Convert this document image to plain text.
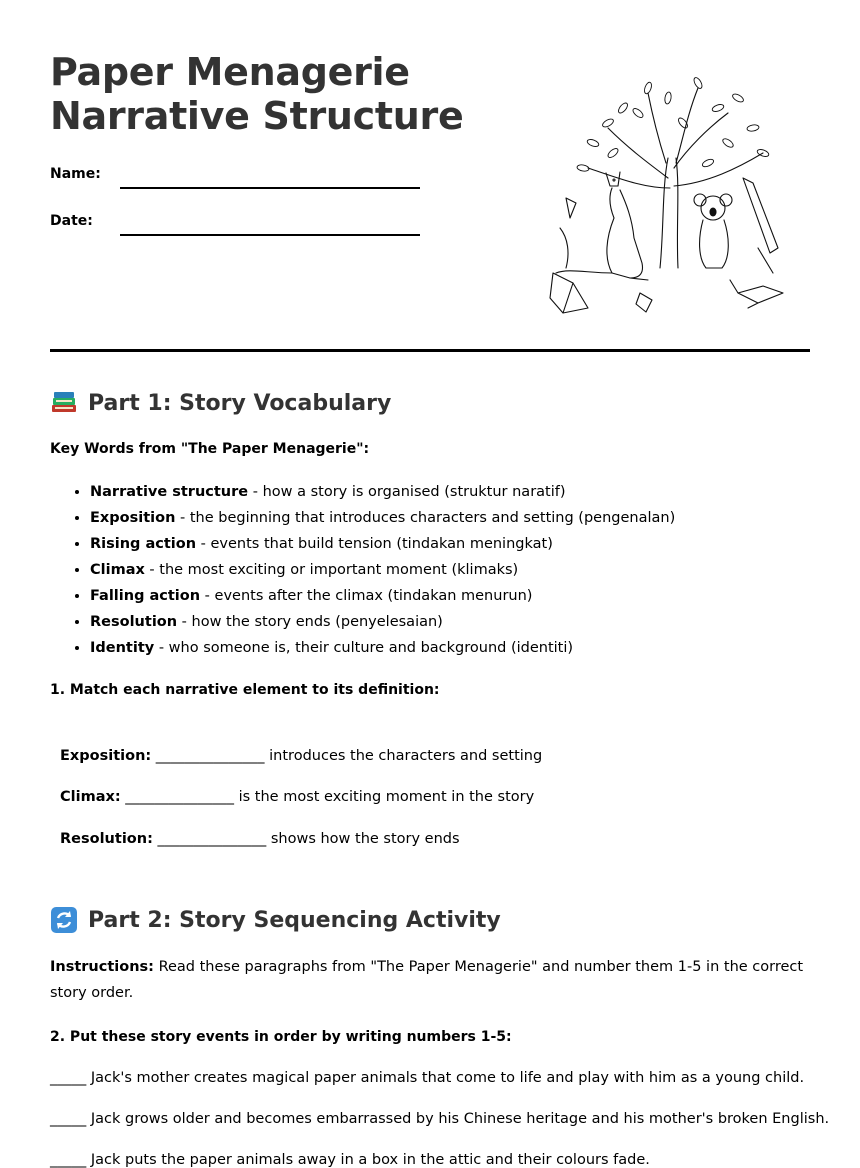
Paper Menagerie
Narrative Structure
Name:
Date:
Part 1: Story Vocabulary
Key Words from "The Paper Menagerie":
• Narrative structure - how a story is organised (struktur naratif)
• Exposition - the beginning that introduces characters and setting (pengenalan)
• Rising action - events that build tension (tindakan meningkat)
• Climax - the most exciting or important moment (klimaks)
• Falling action - events after the climax (tindakan menurun)
• Resolution - how the story ends (penyelesaian)
• Identity - who someone is, their culture and background (identiti)
1. Match each narrative element to its definition:
Exposition: _______________ introduces the characters and setting
Climax: _______________ is the most exciting moment in the story
Resolution: _______________ shows how the story ends
Part 2: Story Sequencing Activity
Instructions: Read these paragraphs from "The Paper Menagerie" and number them 1-5 in the correct story order.
2. Put these story events in order by writing numbers 1-5:
_____ Jack's mother creates magical paper animals that come to life and play with him as a young child.
_____ Jack grows older and becomes embarrassed by his Chinese heritage and his mother's broken English.
_____ Jack puts the paper animals away in a box in the attic and their colours fade.
